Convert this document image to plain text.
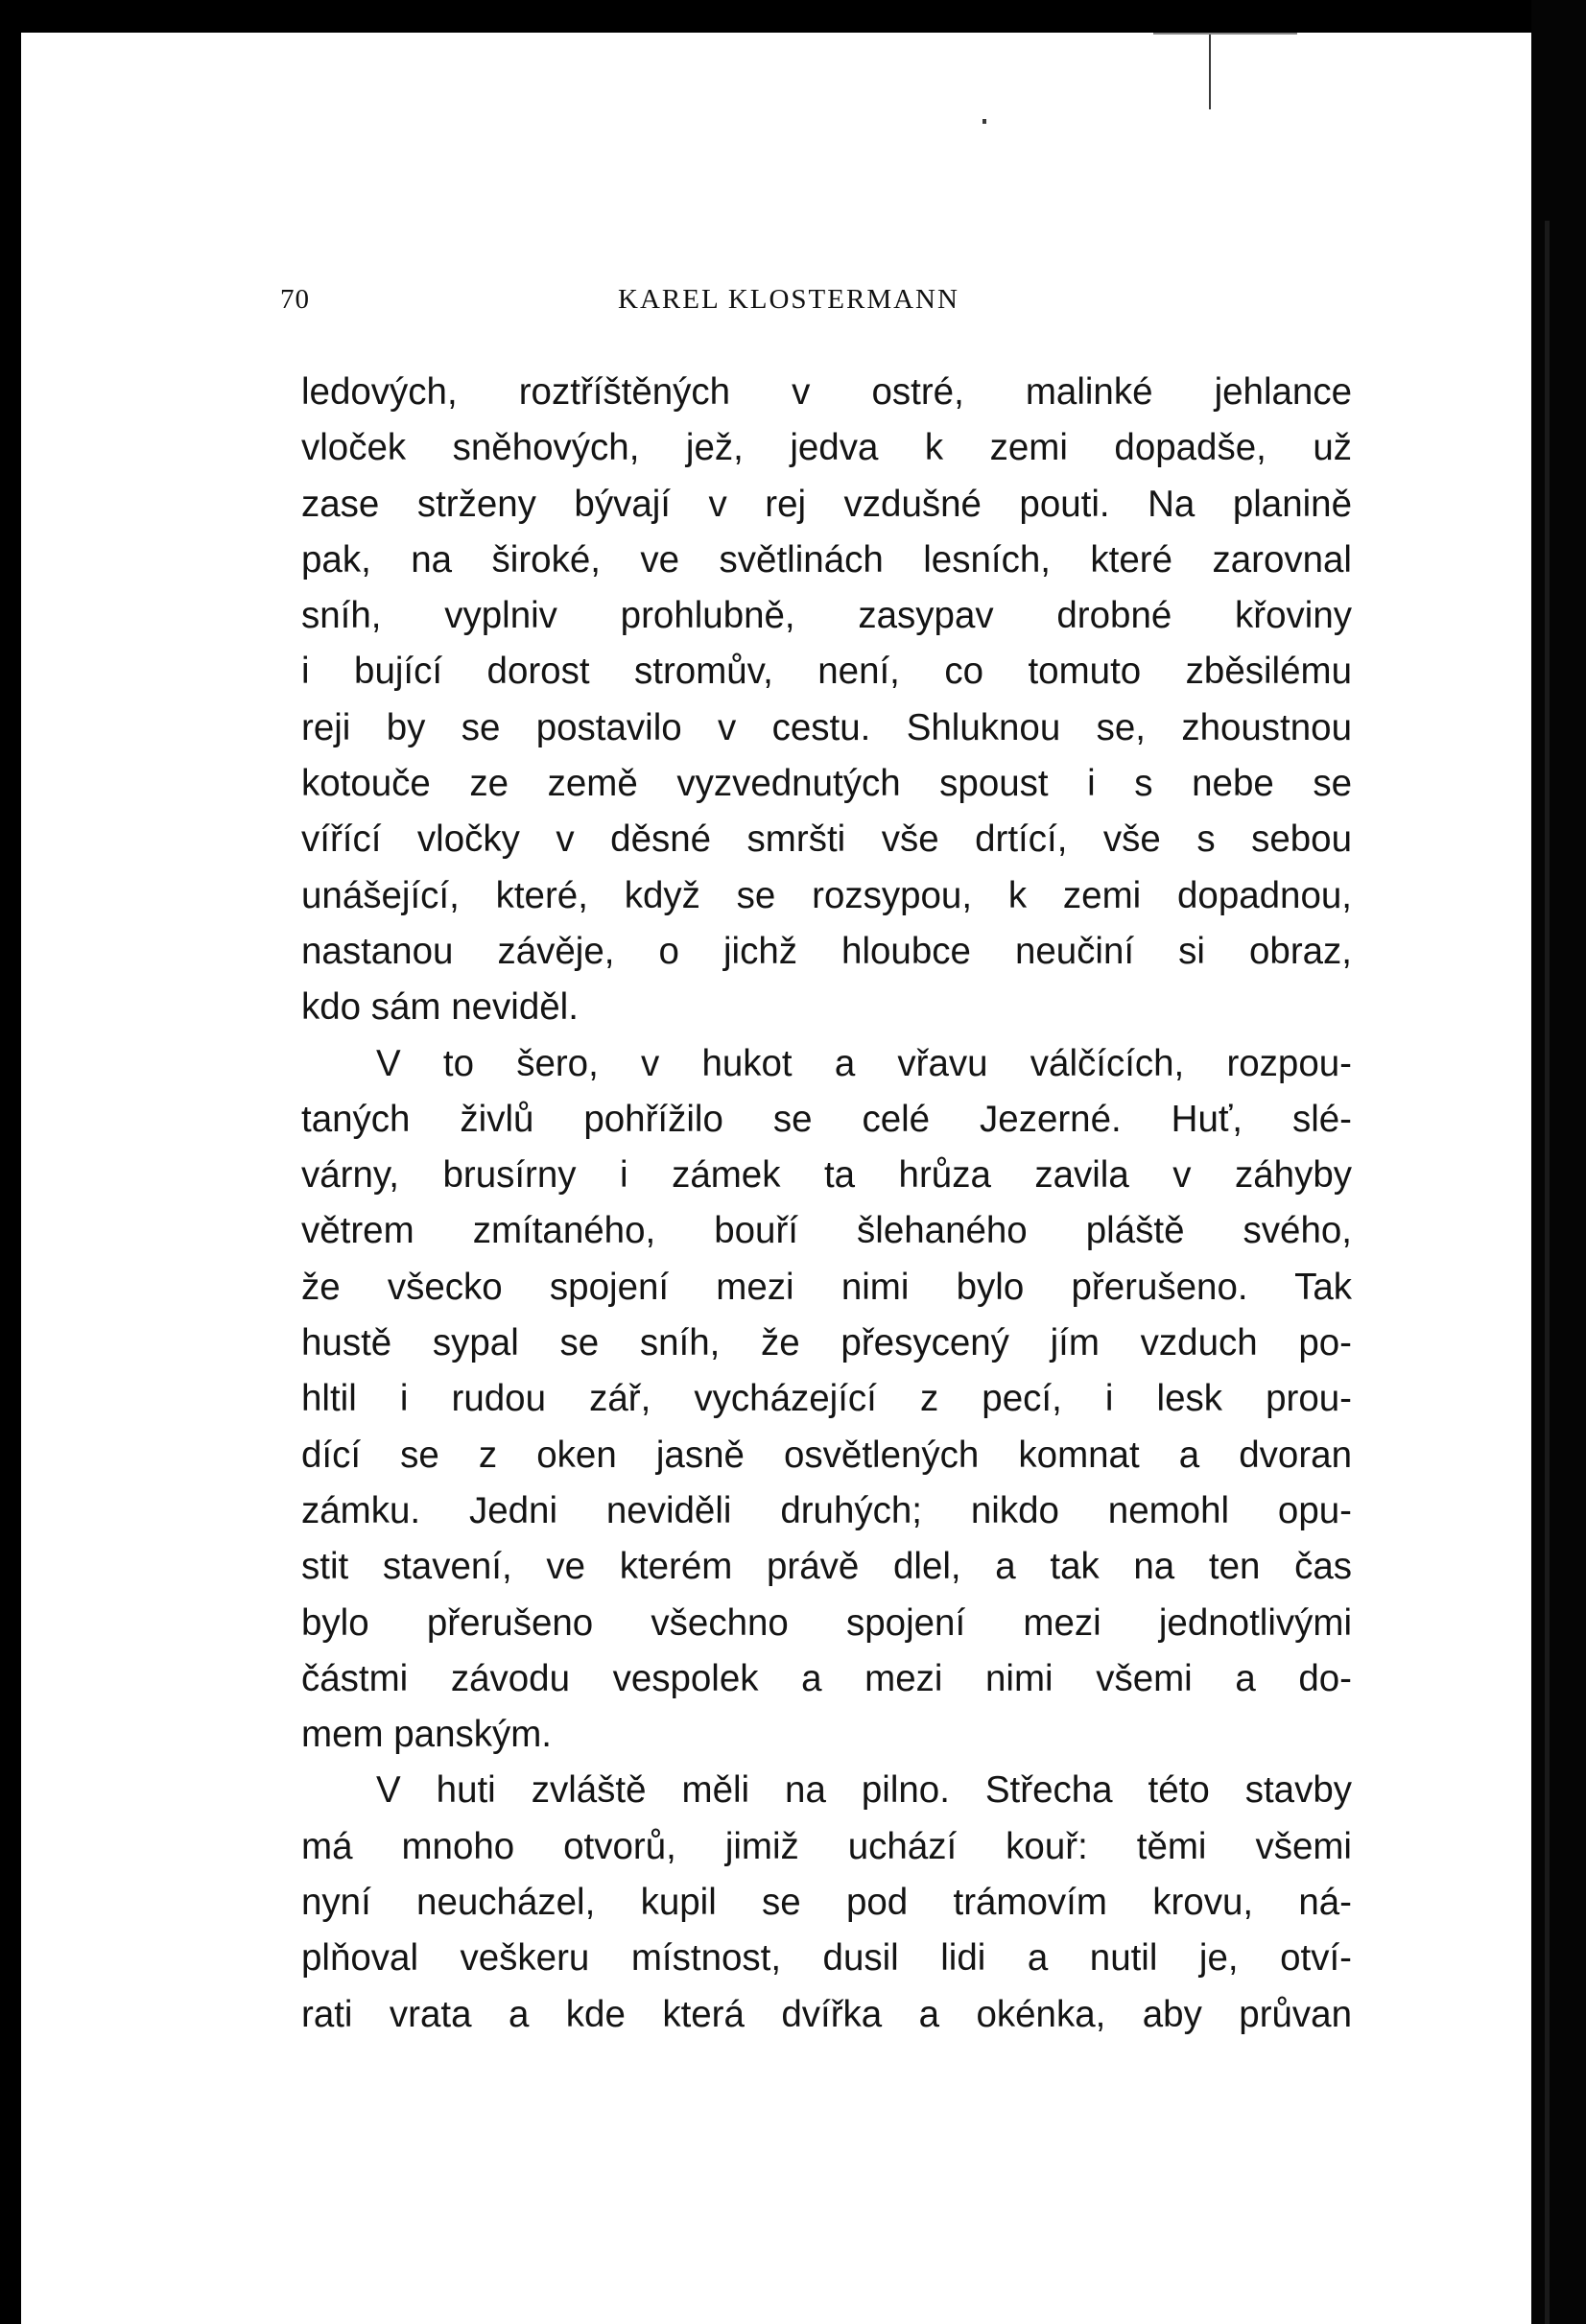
70	KAREL KLOSTERMANN
ledových, roztříštěných v ostré, malinké jehlance
vloček sněhových, jež, jedva k zemi dopadše, už
zase strženy bývají v rej vzdušné pouti. Na planině
pak, na široké, ve světlinách lesních, které zarovnal
sníh, vyplniv prohlubně, zasypav drobné křoviny
i bující dorost stromův, není, co tomuto zběsilému
reji by se postavilo v cestu. Shluknou se, zhoustnou
kotouče ze země vyzvednutých spoust i s nebe se
vířící vločky v děsné smršti vše drtící, vše s sebou
unášející, které, když se rozsypou, k zemi dopadnou,
nastanou závěje, o jichž hloubce neučiní si obraz,
kdo sám neviděl.
V to šero, v hukot a vřavu válčících, rozpou-
taných živlů pohřížilo se celé Jezerné. Huť, slé-
várny, brusírny i zámek ta hrůza zavila v záhyby
větrem zmítaného, bouří šlehaného pláště svého,
že všecko spojení mezi nimi bylo přerušeno. Tak
hustě sypal se sníh, že přesycený jím vzduch po-
hltil i rudou zář, vycházející z pecí, i lesk prou-
dící se z oken jasně osvětlených komnat a dvoran
zámku. Jedni neviděli druhých; nikdo nemohl opu-
stit stavení, ve kterém právě dlel, a tak na ten čas
bylo přerušeno všechno spojení mezi jednotlivými
částmi závodu vespolek a mezi nimi všemi a do-
mem panským.
V huti zvláště měli na pilno. Střecha této stavby
má mnoho otvorů, jimiž uchází kouř: těmi všemi
nyní neucházel, kupil se pod trámovím krovu, ná-
plňoval veškeru místnost, dusil lidi a nutil je, otví-
rati vrata a kde která dvířka a okénka, aby průvan
